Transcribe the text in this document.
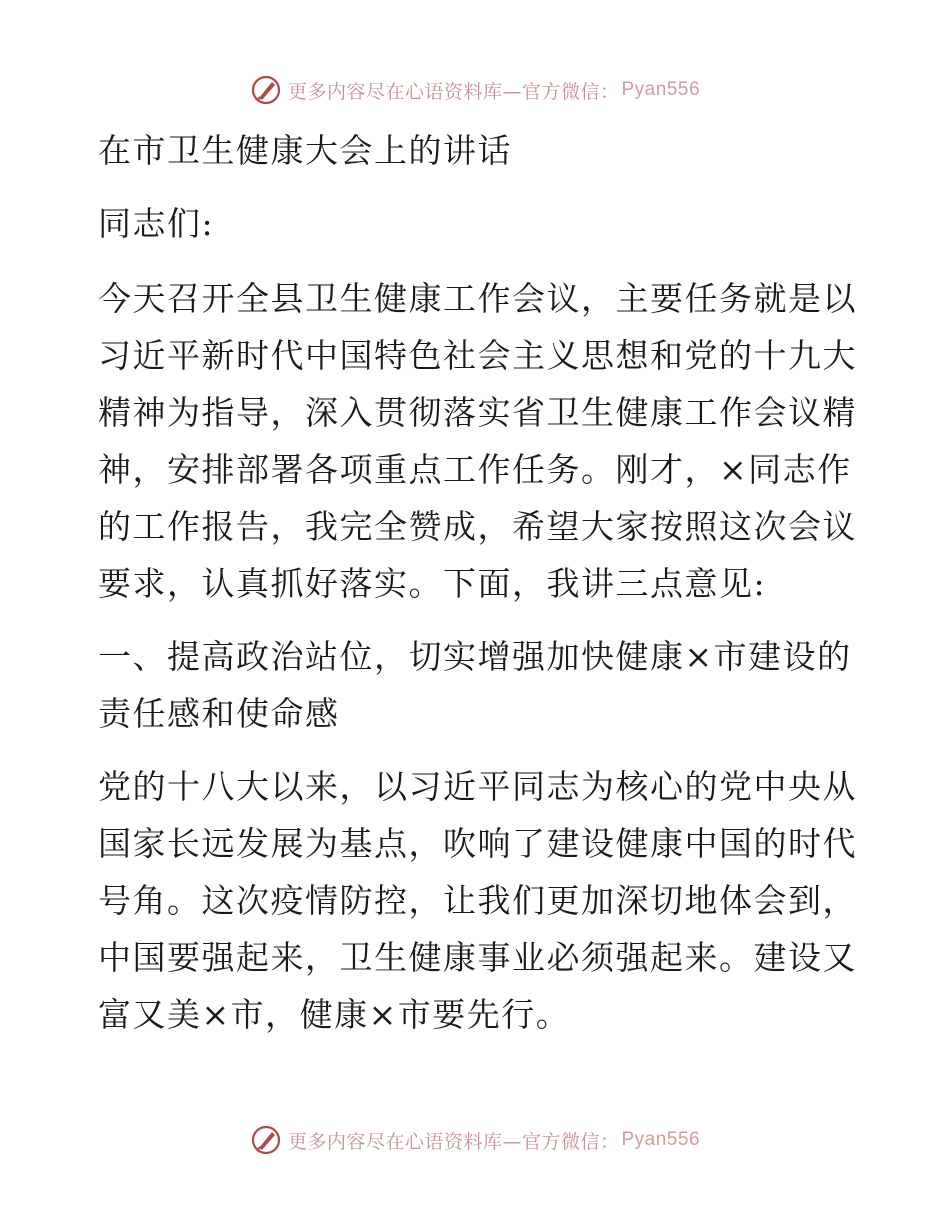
更多内容尽在心语资料库—官方微信： Pyan556

在市卫生健康大会上的讲话

同志们:

今天召开全县卫生健康工作会议，主要任务就是以习近平新时代中国特色社会主义思想和党的十九大精神为指导，深入贯彻落实省卫生健康工作会议精神，安排部署各项重点工作任务。刚才，×同志作的工作报告，我完全赞成，希望大家按照这次会议要求，认真抓好落实。下面，我讲三点意见:

一、提高政治站位，切实增强加快健康×市建设的责任感和使命感

党的十八大以来，以习近平同志为核心的党中央从国家长远发展为基点，吹响了建设健康中国的时代号角。这次疫情防控，让我们更加深切地体会到，中国要强起来，卫生健康事业必须强起来。建设又富又美×市，健康×市要先行。

更多内容尽在心语资料库—官方微信： Pyan556
